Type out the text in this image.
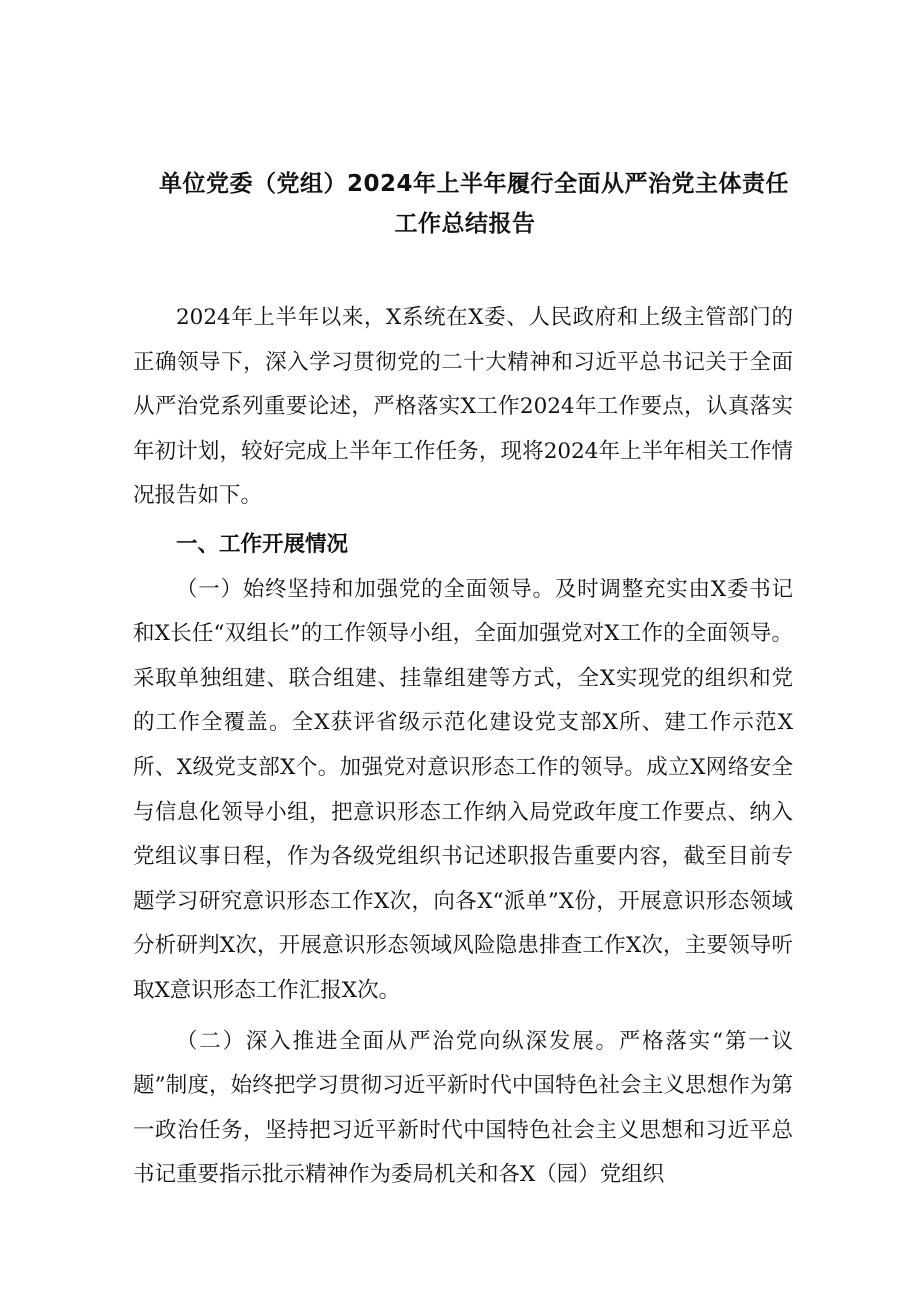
单位党委（党组）2024年上半年履行全面从严治党主体责任
工作总结报告

2024年上半年以来，X系统在X委、人民政府和上级主管部门的正确领导下，深入学习贯彻党的二十大精神和习近平总书记关于全面从严治党系列重要论述，严格落实X工作2024年工作要点，认真落实年初计划，较好完成上半年工作任务，现将2024年上半年相关工作情况报告如下。

一、工作开展情况

（一）始终坚持和加强党的全面领导。及时调整充实由X委书记和X长任“双组长”的工作领导小组，全面加强党对X工作的全面领导。采取单独组建、联合组建、挂靠组建等方式，全X实现党的组织和党的工作全覆盖。全X获评省级示范化建设党支部X所、建工作示范X所、X级党支部X个。加强党对意识形态工作的领导。成立X网络安全与信息化领导小组，把意识形态工作纳入局党政年度工作要点、纳入党组议事日程，作为各级党组织书记述职报告重要内容，截至目前专题学习研究意识形态工作X次，向各X“派单”X份，开展意识形态领域分析研判X次，开展意识形态领域风险隐患排查工作X次，主要领导听取X意识形态工作汇报X次。

（二）深入推进全面从严治党向纵深发展。严格落实“第一议题”制度，始终把学习贯彻习近平新时代中国特色社会主义思想作为第一政治任务，坚持把习近平新时代中国特色社会主义思想和习近平总书记重要指示批示精神作为委局机关和各X（园）党组织
